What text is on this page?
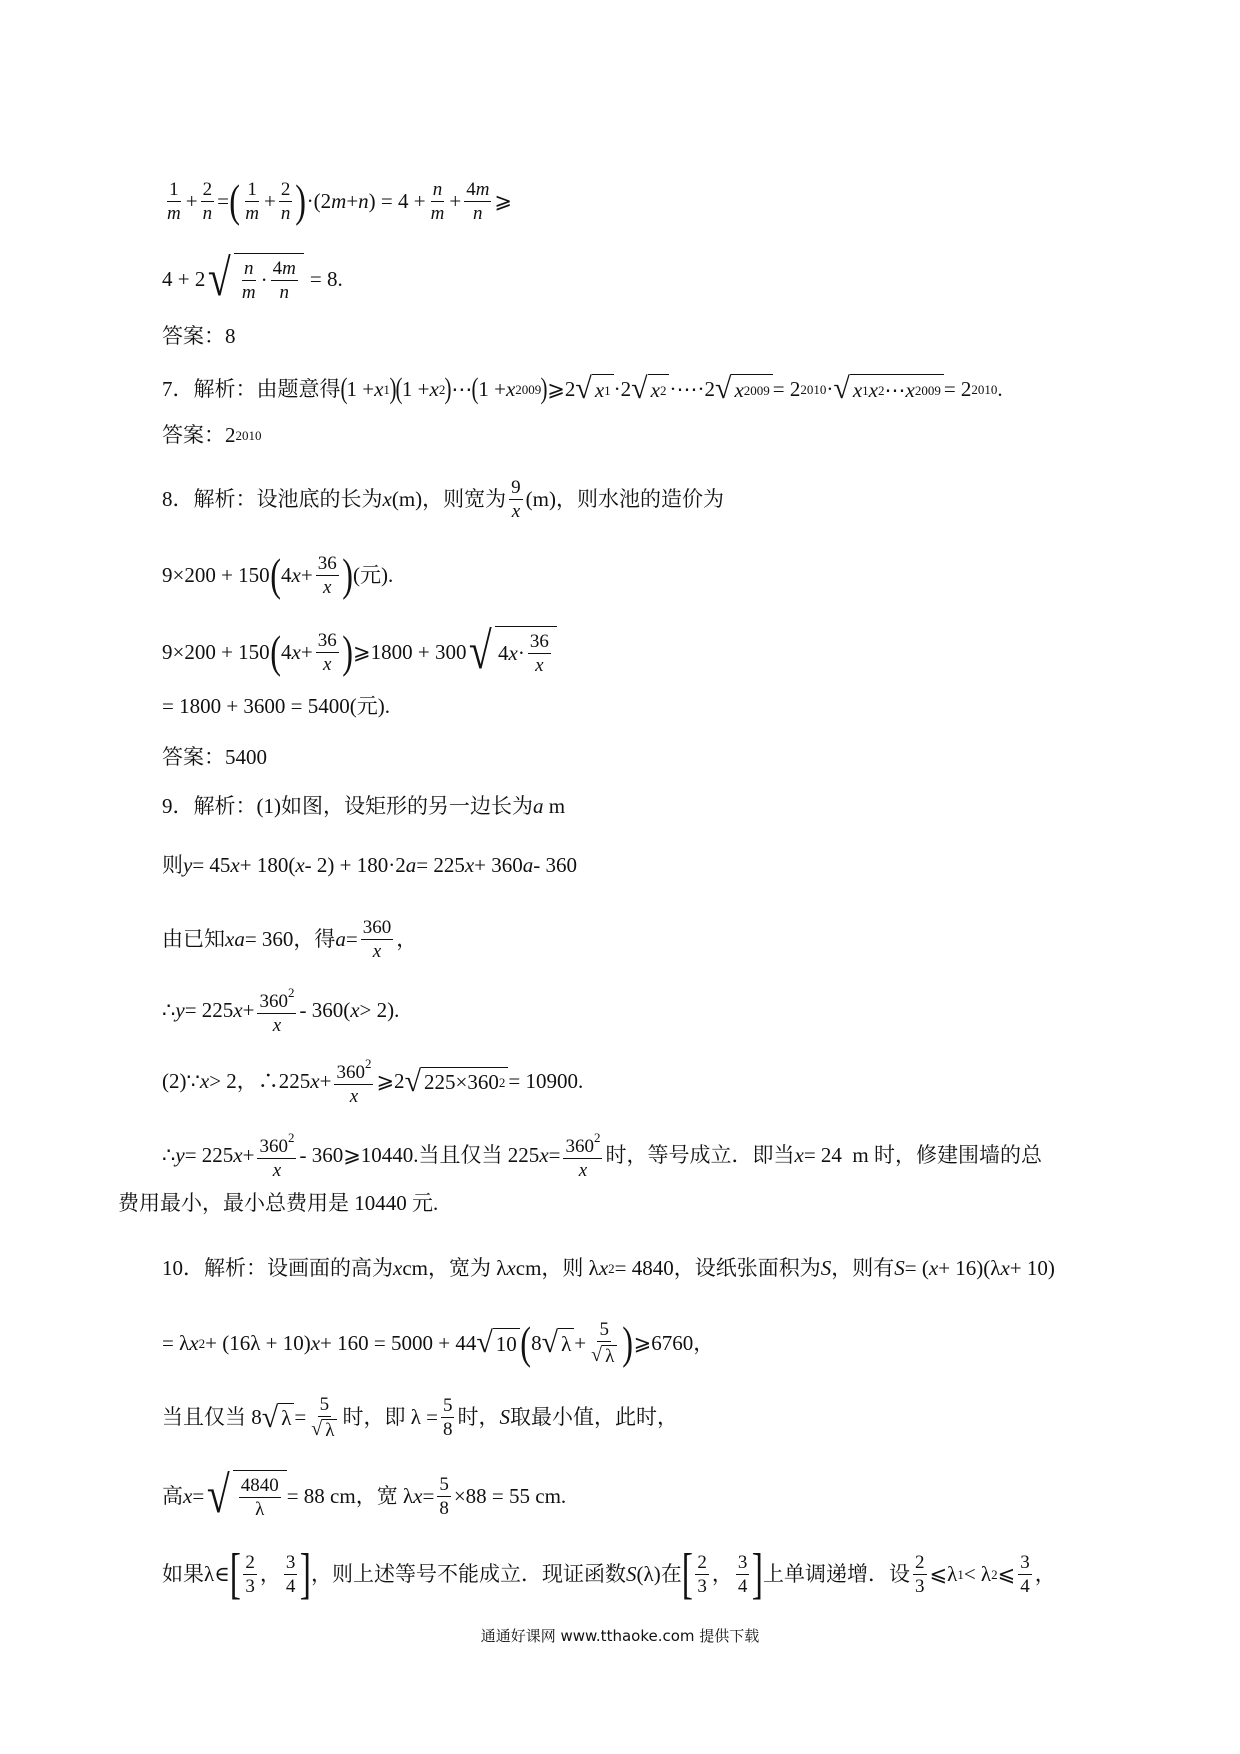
1
m
+ 2
n
= ( 1
m
+ 2
n ) ·(2 m + n ) = 4 + n
m
+ 4m
n
⩾
4 + 2 √ n
m
· 4m
n
= 8.
答案：8
7．解析：由题意得 ( 1 + x 1 ) ( 1 + x 2 ) ⋯ ( 1 + x 2009 ) ⩾2 √ x 1 ·2 √ x 2 ·⋯·2 √ x 2009 = 2 2010 · √ x 1 x 2 ⋯ x 2009 = 2 2010 .
答案：2 2010
8．解析：设池底的长为 x (m)，则宽为 9
x
(m)，则水池的造价为
9×200 + 150 ( 4 x + 36
x ) (元).
9×200 + 150 ( 4 x + 36
x ) ⩾1800 + 300 √ 4 x · 36
x
= 1800 + 3600 = 5400(元).
答案：5400
9．解析：(1)如图，设矩形的另一边长为 a m
则 y = 45 x + 180( x - 2) + 180·2 a = 225 x + 360 a - 360
由已知 xa = 360，得 a = 360
x
，
∴ y = 225 $x + 360^2$
x
- 360( x > 2).
(2)∵ x > 2，∴225 $x + 360^2$
x
⩾2 √ 225×360 2 = 10900.
∴ y = 225 $x + 360^2$
x
- 360⩾10440.当且仅当 225 $x = 360^2$
x
时，等号成立．即当 x = 24  m 时，修建围墙的总
费用最小，最小总费用是 10440 元.
10．解析：设画面的高为 x cm，宽为 λ x cm，则 λ x 2 = 4840，设纸张面积为 S ，则有 S = ( x + 16)(λ x + 10)
= λ x 2 + (16λ + 10) x + 160 = 5000 + 44 √ 10 ( 8 √ λ +
5
√ λ ) ⩾6760，
当且仅当 8 √ λ =
5
√ λ
时，即 λ = 5
8
时， S 取最小值，此时，
高 x = √ 4840
λ
= 88 cm，宽 λ x = 5
8
×88 = 55 cm.
如果λ∈ [ 2
3
， 3
4 ] ，则上述等号不能成立．现证函数 S (λ)在 [ 2
3
， 3
4 ] 上单调递增．设 2
3
⩽λ 1 < λ 2 ⩽ 3
4
，
通通好课网 www.tthaoke.com 提供下载
